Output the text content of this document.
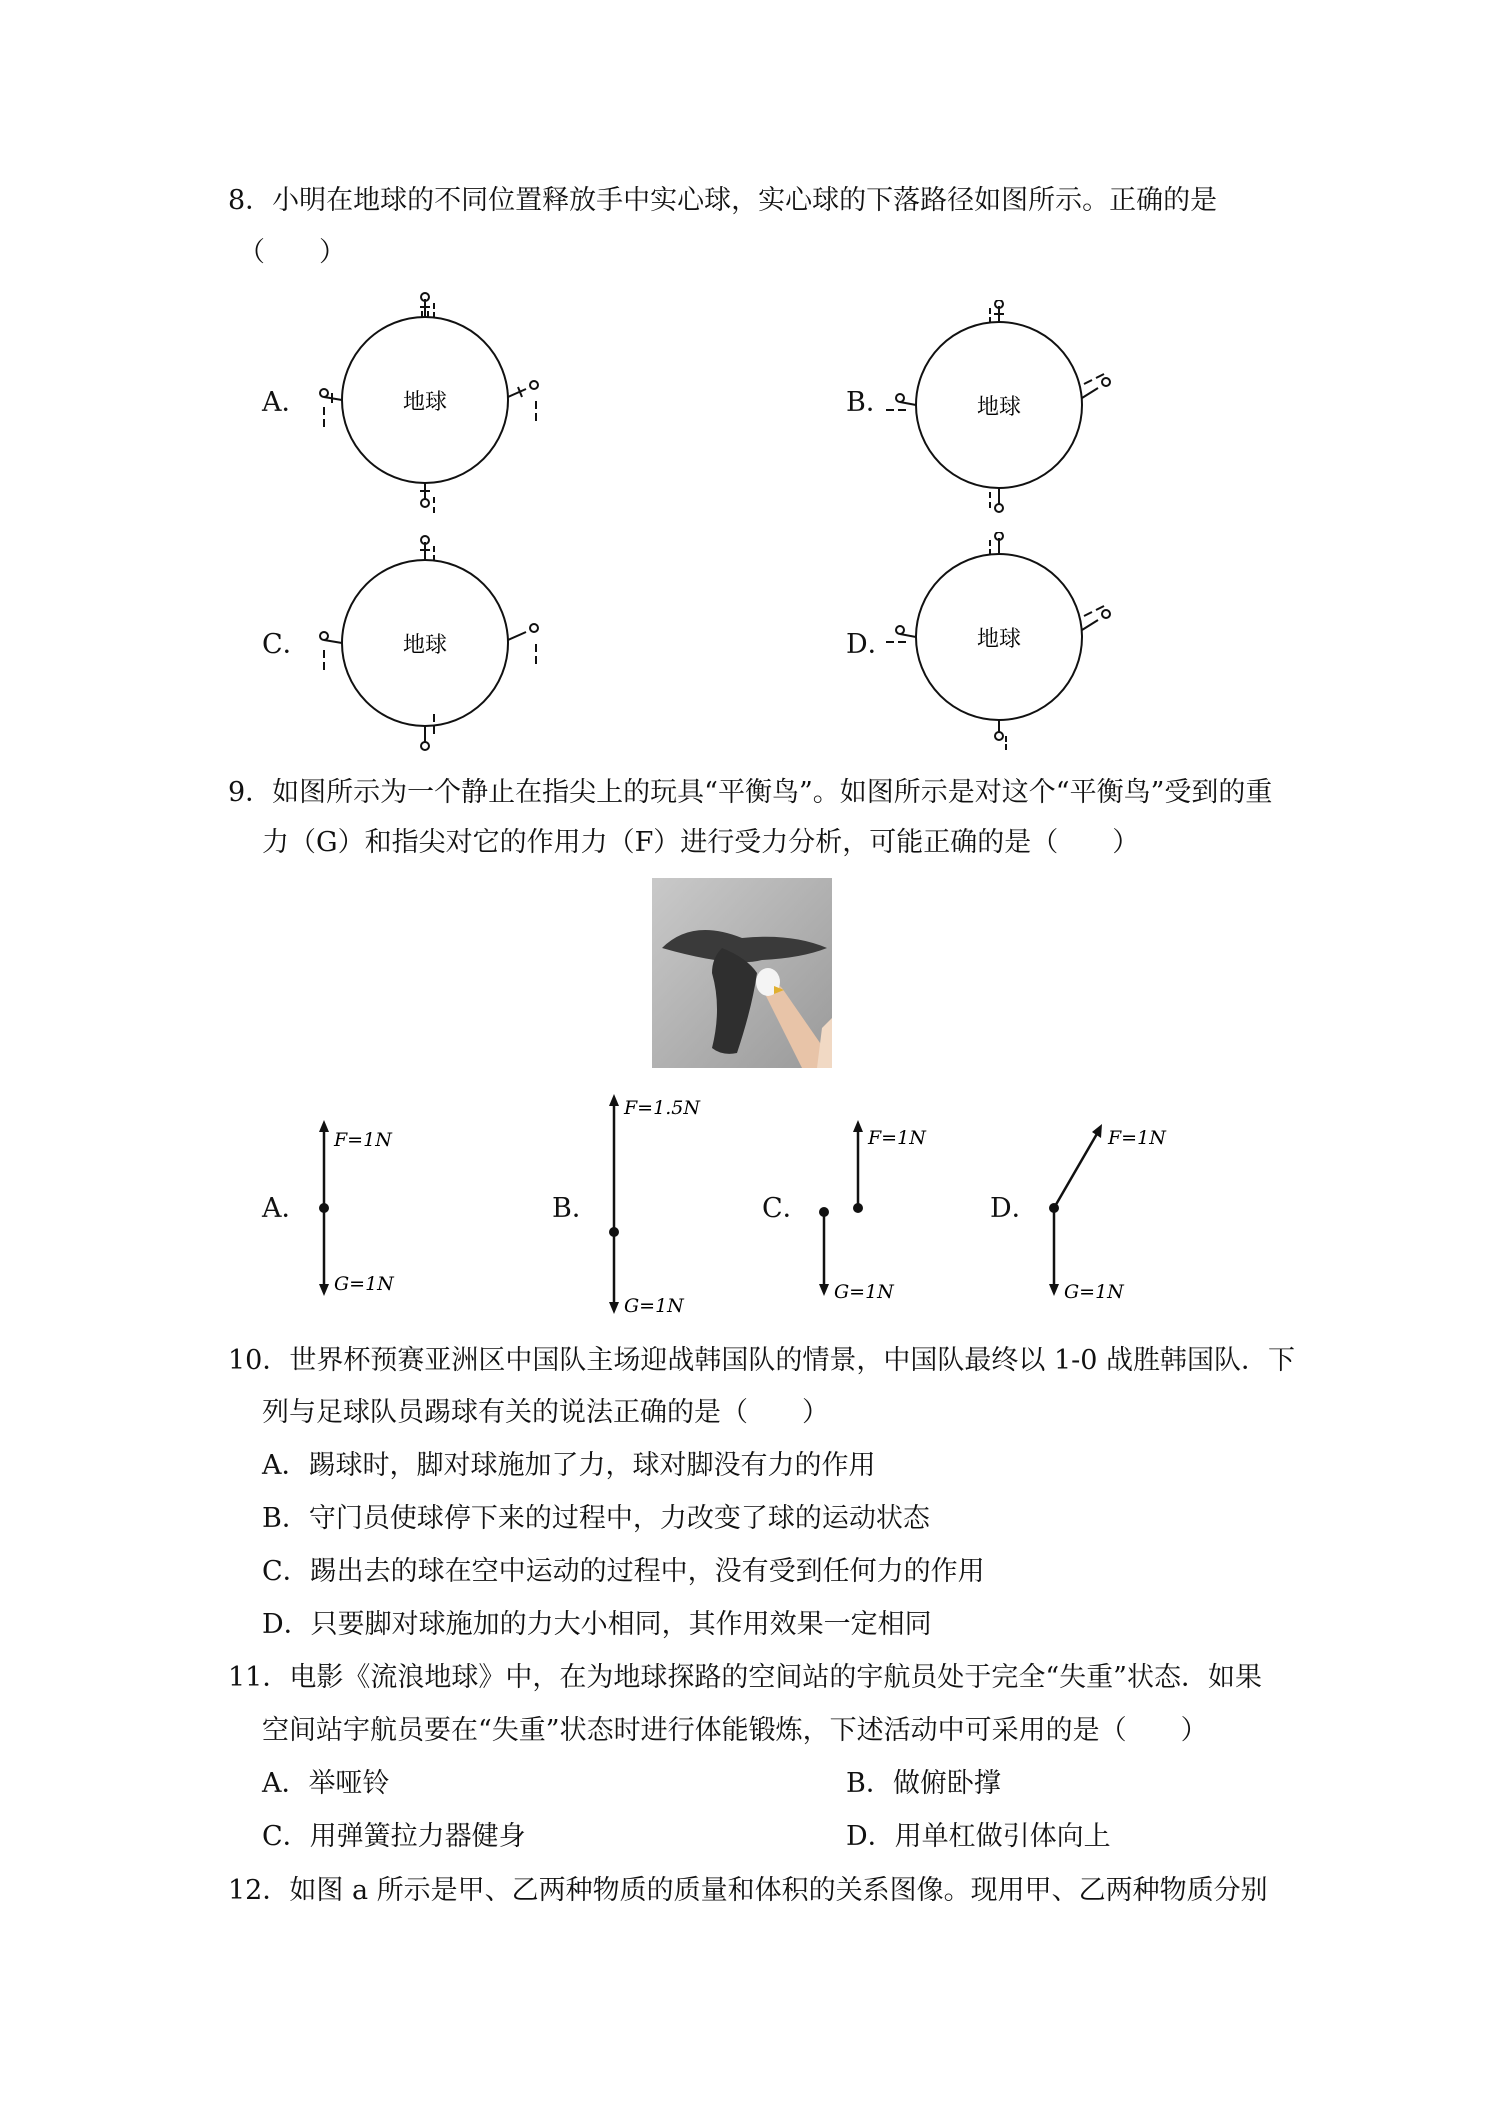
8．小明在地球的不同位置释放手中实心球，实心球的下落路径如图所示。正确的是
（　　）
A．	B．
C．	D．
地球	地球
地球	地球
9．如图所示为一个静止在指尖上的玩具“平衡鸟”。如图所示是对这个“平衡鸟”受到的重
力（G）和指尖对它的作用力（F）进行受力分析，可能正确的是（　　）
A．	B．	C．	D．
F=1N
G=1N
F=1.5N
G=1N
F=1N
G=1N
F=1N
G=1N
10．世界杯预赛亚洲区中国队主场迎战韩国队的情景，中国队最终以 1-0 战胜韩国队．下
列与足球队员踢球有关的说法正确的是（　　）
A．踢球时，脚对球施加了力，球对脚没有力的作用
B．守门员使球停下来的过程中，力改变了球的运动状态
C．踢出去的球在空中运动的过程中，没有受到任何力的作用
D．只要脚对球施加的力大小相同，其作用效果一定相同
11．电影《流浪地球》中，在为地球探路的空间站的宇航员处于完全“失重”状态．如果
空间站宇航员要在“失重”状态时进行体能锻炼，下述活动中可采用的是（　　）
A．举哑铃	B．做俯卧撑
C．用弹簧拉力器健身	D．用单杠做引体向上
12．如图 a 所示是甲、乙两种物质的质量和体积的关系图像。现用甲、乙两种物质分别
